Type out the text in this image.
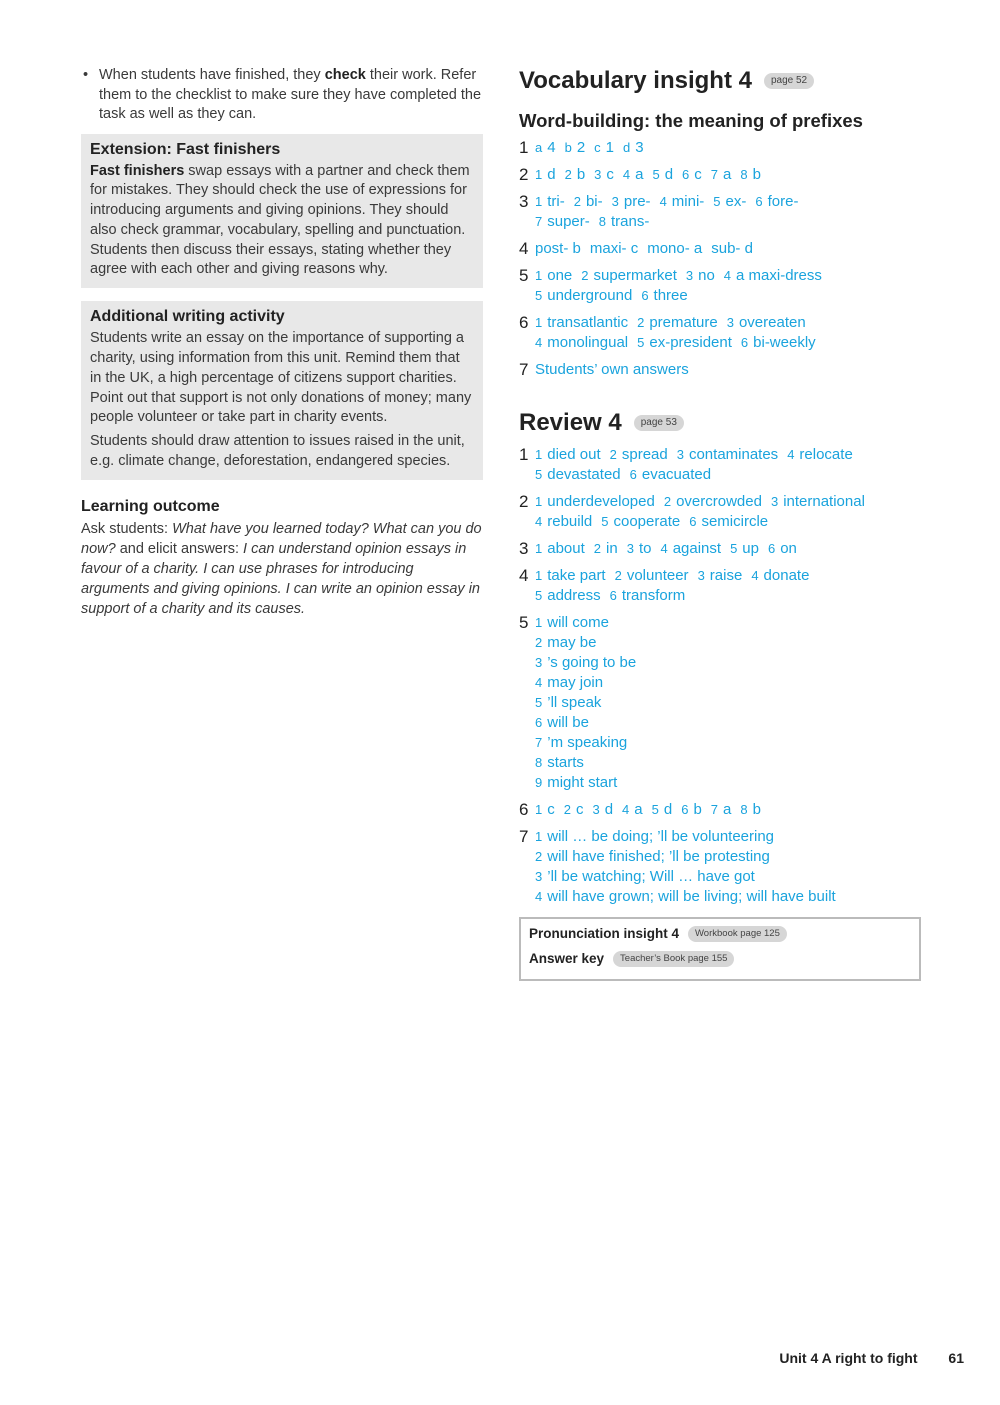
• When students have finished, they check their work. Refer them to the checklist to make sure they have completed the task as well as they can.
Extension: Fast finishers

Fast finishers swap essays with a partner and check them for mistakes. They should check the use of expressions for introducing arguments and giving opinions. They should also check grammar, vocabulary, spelling and punctuation. Students then discuss their essays, stating whether they agree with each other and giving reasons why.

Additional writing activity

Students write an essay on the importance of supporting a charity, using information from this unit. Remind them that in the UK, a high percentage of citizens support charities. Point out that support is not only donations of money; many people volunteer or take part in charity events.

Students should draw attention to issues raised in the unit, e.g. climate change, deforestation, endangered species.

Learning outcome

Ask students: What have you learned today? What can you do now? and elicit answers: I can understand opinion essays in favour of a charity. I can use phrases for introducing arguments and giving opinions. I can write an opinion essay in support of a charity and its causes.

Vocabulary insight 4	page 52
Word-building: the meaning of prefixes
1 a 4 b 2 c 1 d 3
2 1 d 2 b 3 c 4 a 5 d 6 c 7 a 8 b
3 1 tri- 2 bi- 3 pre- 4 mini- 5 ex- 6 fore-
7 super- 8 trans-
4 post- b maxi- c mono- a sub- d
5 1 one 2 supermarket 3 no 4 a maxi-dress
5 underground 6 three
6 1 transatlantic 2 premature 3 overeaten
4 monolingual 5 ex-president 6 bi-weekly
7 Students’ own answers
Review 4	page 53
1 1 died out 2 spread 3 contaminates 4 relocate
5 devastated 6 evacuated
2 1 underdeveloped 2 overcrowded 3 international
4 rebuild 5 cooperate 6 semicircle
3 1 about 2 in 3 to 4 against 5 up 6 on
4 1 take part 2 volunteer 3 raise 4 donate
5 address 6 transform
5 1 will come
2 may be
3 ’s going to be
4 may join
5 ’ll speak
6 will be
7 ’m speaking
8 starts
9 might start
6 1 c 2 c 3 d 4 a 5 d 6 b 7 a 8 b
7 1 will … be doing; ’ll be volunteering
2 will have finished; ’ll be protesting
3 ’ll be watching; Will … have got
4 will have grown; will be living; will have built
Pronunciation insight 4	Workbook page 125
Answer key	Teacher’s Book page 155
Unit 4 A right to fight 61
